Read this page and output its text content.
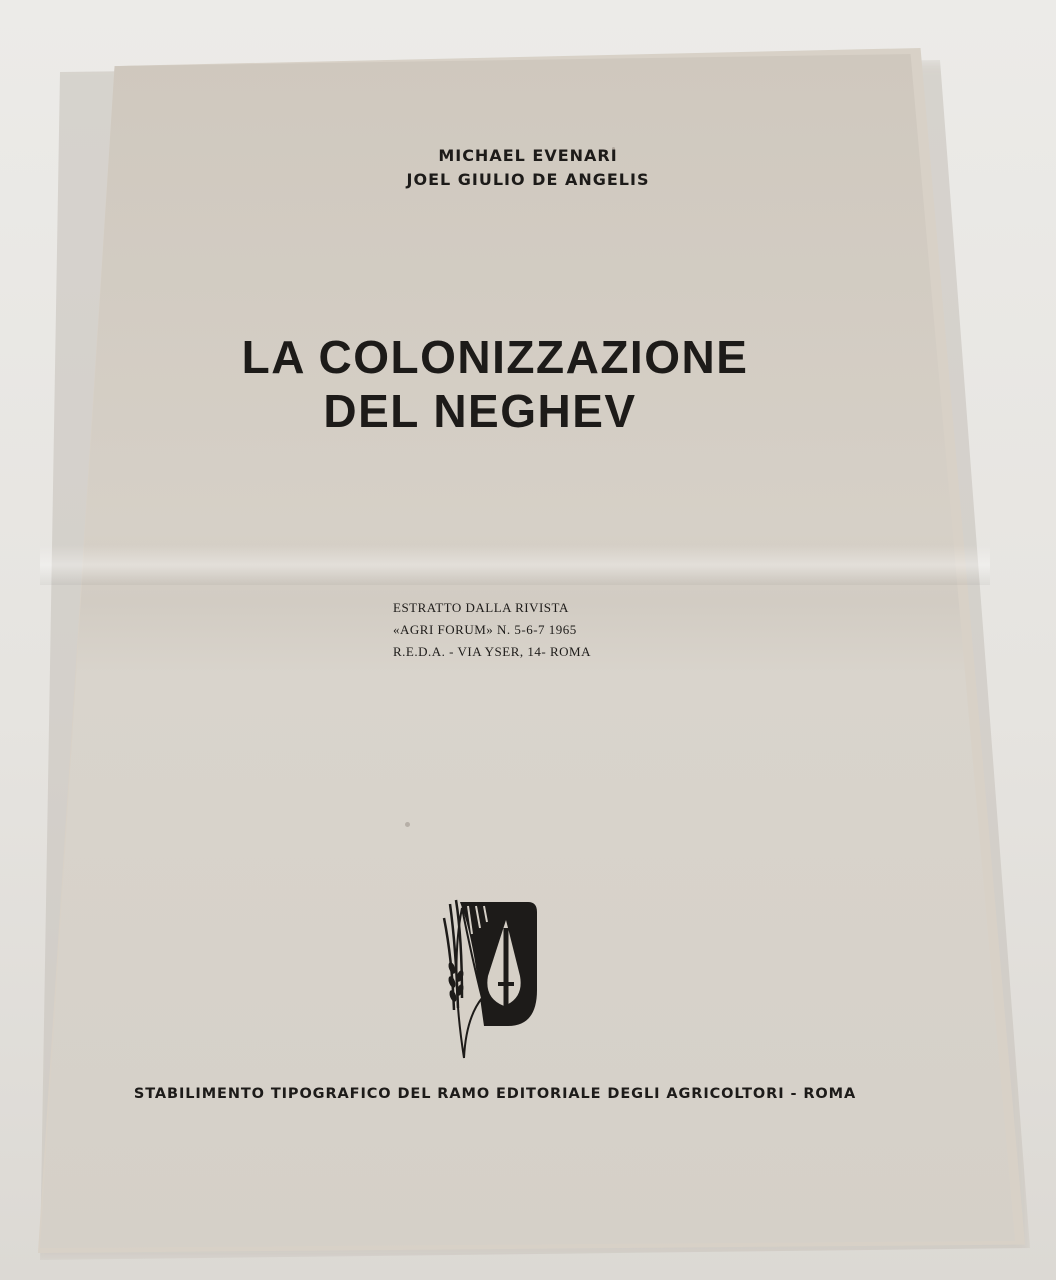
MICHAEL EVENARI
JOEL GIULIO DE ANGELIS
LA COLONIZZAZIONE
DEL NEGHEV
ESTRATTO DALLA RIVISTA
«AGRI FORUM» N. 5-6-7 1965
R.E.D.A. - VIA YSER, 14- ROMA
STABILIMENTO TIPOGRAFICO DEL RAMO EDITORIALE DEGLI AGRICOLTORI - ROMA
